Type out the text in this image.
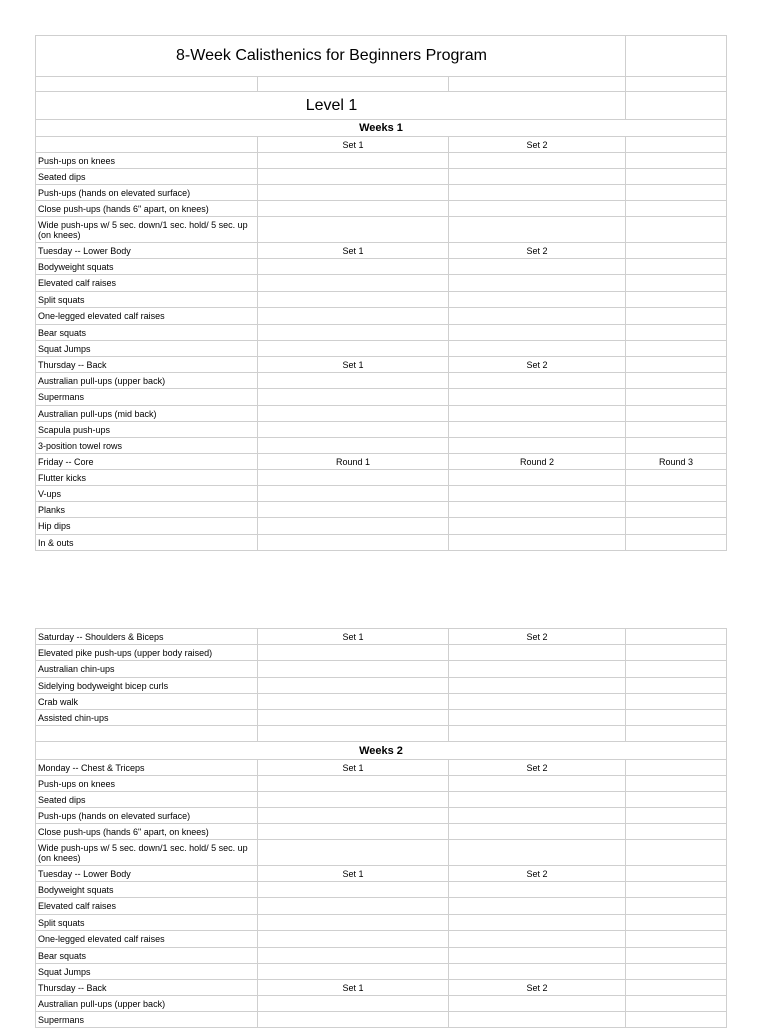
8-Week Calisthenics for Beginners Program			

Level 1			
Weeks 1			
	Set 1	Set 2	
Push-ups on knees			
Seated dips			
Push-ups (hands on elevated surface)			
Close push-ups (hands 6" apart, on knees)			
Wide push-ups w/ 5 sec. down/1 sec. hold/ 5 sec. up (on knees)			
Tuesday -- Lower Body	Set 1	Set 2	
Bodyweight squats			
Elevated calf raises			
Split squats			
One-legged elevated calf raises			
Bear squats			
Squat Jumps			
Thursday -- Back	Set 1	Set 2	
Australian pull-ups (upper back)			
Supermans			
Australian pull-ups (mid back)			
Scapula push-ups			
3-position towel rows			
Friday -- Core	Round 1	Round 2	Round 3
Flutter kicks			
V-ups			
Planks			
Hip dips			
In & outs			
Saturday -- Shoulders & Biceps	Set 1	Set 2	
Elevated pike push-ups (upper body raised)			
Australian chin-ups			
Sidelying bodyweight bicep curls			
Crab walk			
Assisted chin-ups			

Weeks 2			
Monday -- Chest & Triceps	Set 1	Set 2	
Push-ups on knees			
Seated dips			
Push-ups (hands on elevated surface)			
Close push-ups (hands 6" apart, on knees)			
Wide push-ups w/ 5 sec. down/1 sec. hold/ 5 sec. up (on knees)			
Tuesday -- Lower Body	Set 1	Set 2	
Bodyweight squats			
Elevated calf raises			
Split squats			
One-legged elevated calf raises			
Bear squats			
Squat Jumps			
Thursday -- Back	Set 1	Set 2	
Australian pull-ups (upper back)			
Supermans			
